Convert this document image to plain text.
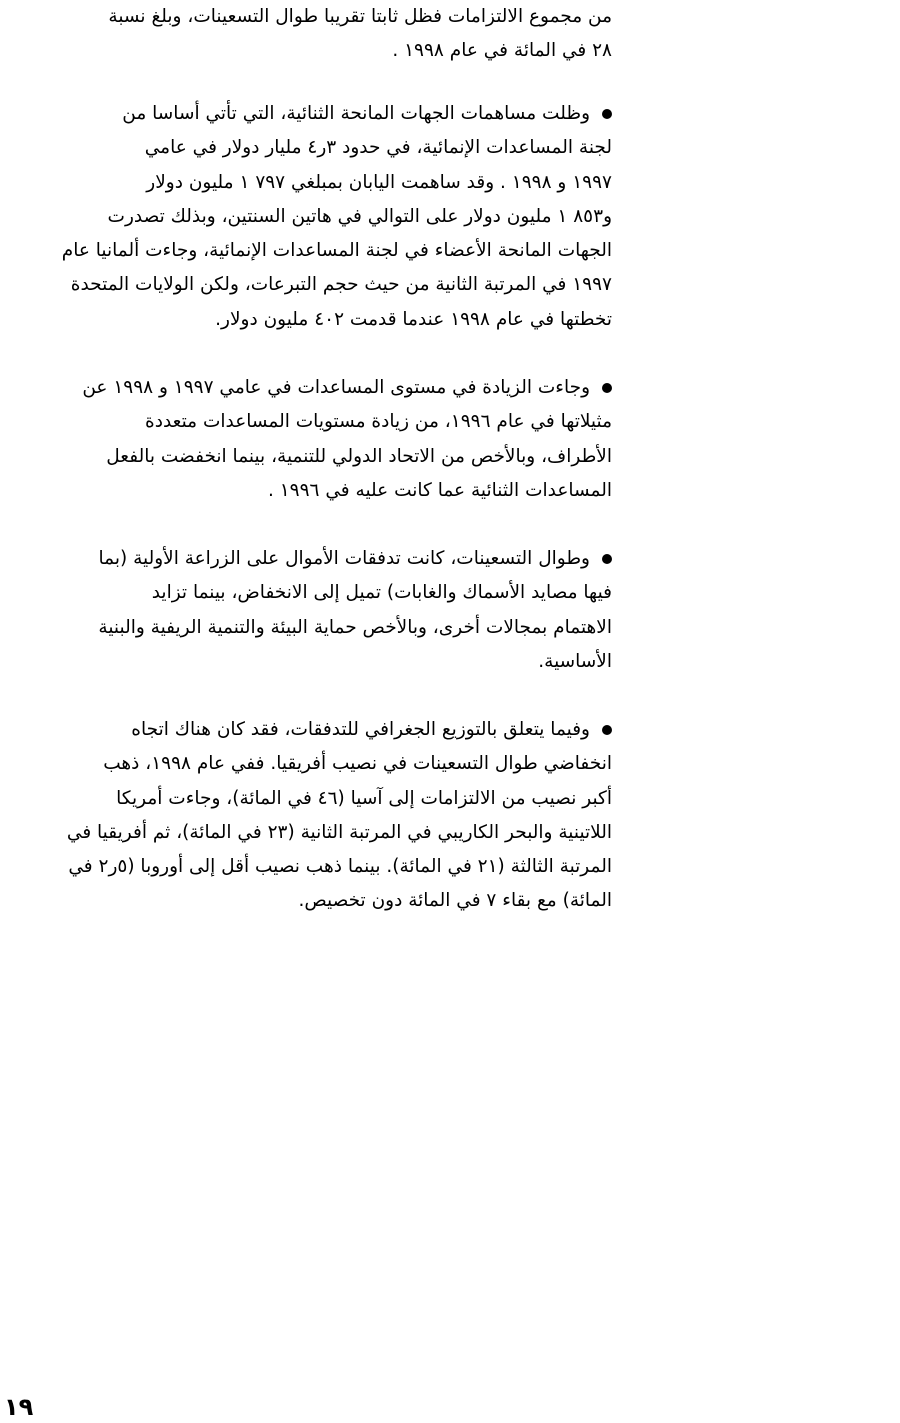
من مجموع الالتزامات فظل ثابتا تقريبا طوال التسعينات، وبلغ نسبة
٢٨ في المائة في عام ١٩٩٨ .
وظلت مساهمات الجهات المانحة الثنائية، التي تأتي أساسا من
لجنة المساعدات الإنمائية، في حدود ٣ر٤ مليار دولار في عامي
١٩٩٧ و ١٩٩٨ . وقد ساهمت اليابان بمبلغي ٧٩٧ ١ مليون دولار
و٨٥٣ ١ مليون دولار على التوالي في هاتين السنتين، وبذلك تصدرت
الجهات المانحة الأعضاء في لجنة المساعدات الإنمائية، وجاءت ألمانيا عام
١٩٩٧ في المرتبة الثانية من حيث حجم التبرعات، ولكن الولايات المتحدة
تخطتها في عام ١٩٩٨ عندما قدمت ٤٠٢ مليون دولار.
وجاءت الزيادة في مستوى المساعدات في عامي ١٩٩٧ و ١٩٩٨ عن
مثيلاتها في عام ١٩٩٦، من زيادة مستويات المساعدات متعددة
الأطراف، وبالأخص من الاتحاد الدولي للتنمية، بينما انخفضت بالفعل
المساعدات الثنائية عما كانت عليه في ١٩٩٦ .
وطوال التسعينات، كانت تدفقات الأموال على الزراعة الأولية (بما
فيها مصايد الأسماك والغابات) تميل إلى الانخفاض، بينما تزايد
الاهتمام بمجالات أخرى، وبالأخص حماية البيئة والتنمية الريفية والبنية
الأساسية.
وفيما يتعلق بالتوزيع الجغرافي للتدفقات، فقد كان هناك اتجاه
انخفاضي طوال التسعينات في نصيب أفريقيا. ففي عام ١٩٩٨، ذهب
أكبر نصيب من الالتزامات إلى آسيا (٤٦ في المائة)، وجاءت أمريكا
اللاتينية والبحر الكاريبي في المرتبة الثانية (٢٣ في المائة)، ثم أفريقيا في
المرتبة الثالثة (٢١ في المائة). بينما ذهب نصيب أقل إلى أوروبا (٥ر٢ في
المائة) مع بقاء ٧ في المائة دون تخصيص.
١٩
